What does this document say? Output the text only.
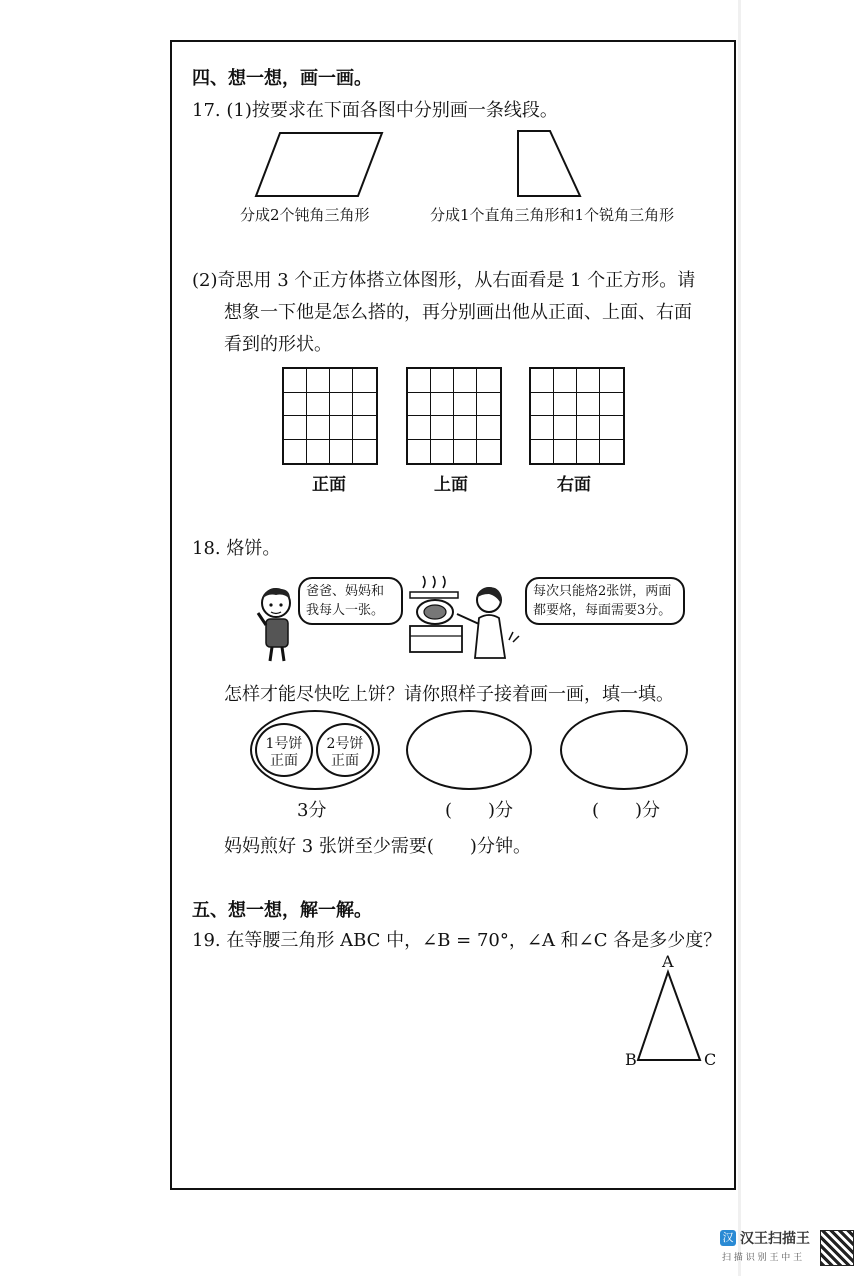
四、想一想，画一画。
17. (1)按要求在下面各图中分别画一条线段。
分成2个钝角三角形	分成1个直角三角形和1个锐角三角形
(2)奇思用 3 个正方体搭立体图形，从右面看是 1 个正方形。请
想象一下他是怎么搭的，再分别画出他从正面、上面、右面
看到的形状。
正面	上面	右面
18. 烙饼。
爸爸、妈妈和
我每人一张。
每次只能烙2张饼，两面
都要烙，每面需要3分。
怎样才能尽快吃上饼？请你照样子接着画一画，填一填。
1号饼
正面
2号饼
正面
3分	(　　)分	(　　)分
妈妈煎好 3 张饼至少需要(　　)分钟。
五、想一想，解一解。
19. 在等腰三角形 ABC 中，∠B = 70°，∠A 和∠C 各是多少度？
A
B	C
汉 汉王扫描王
扫 描 识 别 王 中 王
